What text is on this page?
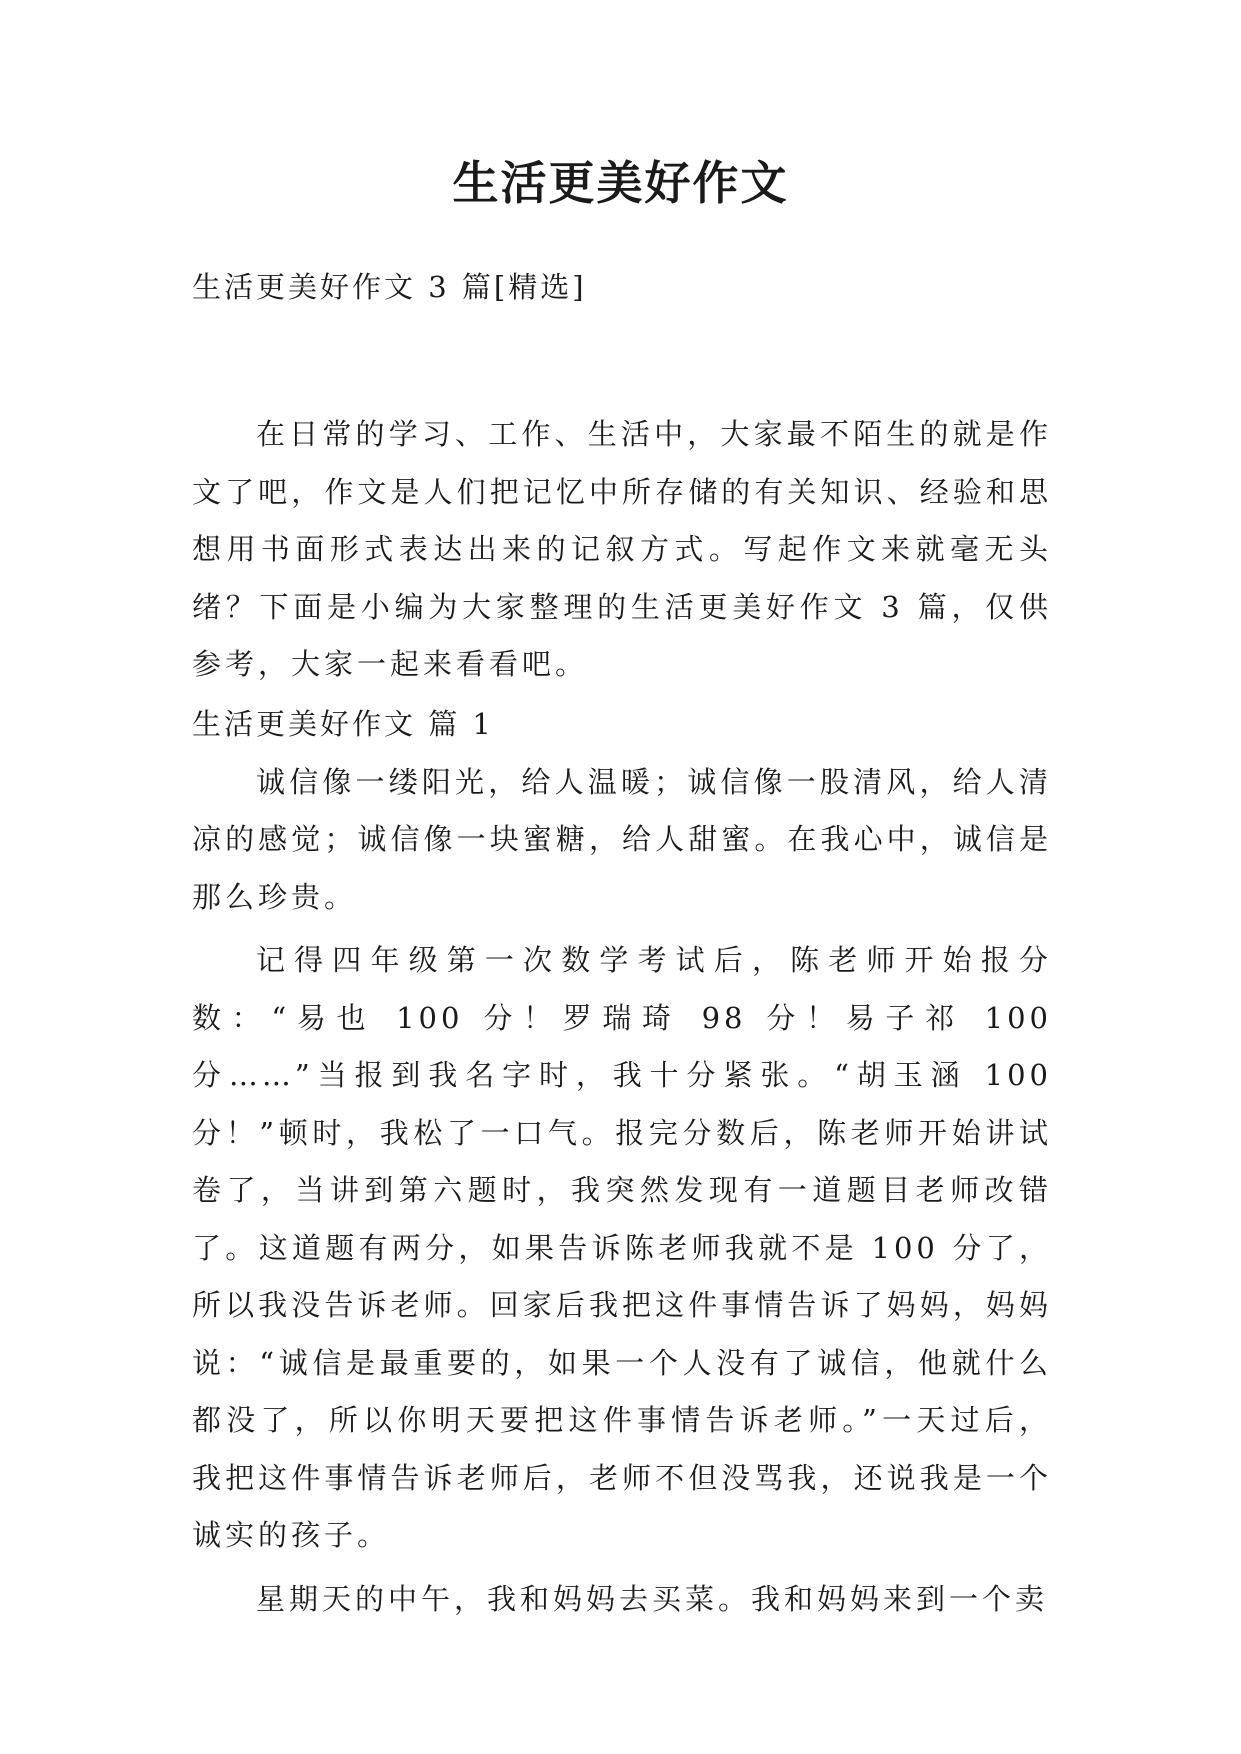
生活更美好作文
生活更美好作文 3 篇[精选]

在日常的学习、工作、生活中，大家最不陌生的就是作文了吧，作文是人们把记忆中所存储的有关知识、经验和思想用书面形式表达出来的记叙方式。写起作文来就毫无头绪？下面是小编为大家整理的生活更美好作文 3 篇，仅供参考，大家一起来看看吧。

生活更美好作文 篇 1

诚信像一缕阳光，给人温暖；诚信像一股清风，给人清凉的感觉；诚信像一块蜜糖，给人甜蜜。在我心中，诚信是那么珍贵。

记得四年级第一次数学考试后，陈老师开始报分数：“易也 100 分！罗瑞琦 98 分！易子祁 100 分……”当报到我名字时，我十分紧张。“胡玉涵 100 分！”顿时，我松了一口气。报完分数后，陈老师开始讲试卷了，当讲到第六题时，我突然发现有一道题目老师改错了。这道题有两分，如果告诉陈老师我就不是 100 分了，所以我没告诉老师。回家后我把这件事情告诉了妈妈，妈妈说：“诚信是最重要的，如果一个人没有了诚信，他就什么都没了，所以你明天要把这件事情告诉老师。”一天过后，我把这件事情告诉老师后，老师不但没骂我，还说我是一个诚实的孩子。

星期天的中午，我和妈妈去买菜。我和妈妈来到一个卖
